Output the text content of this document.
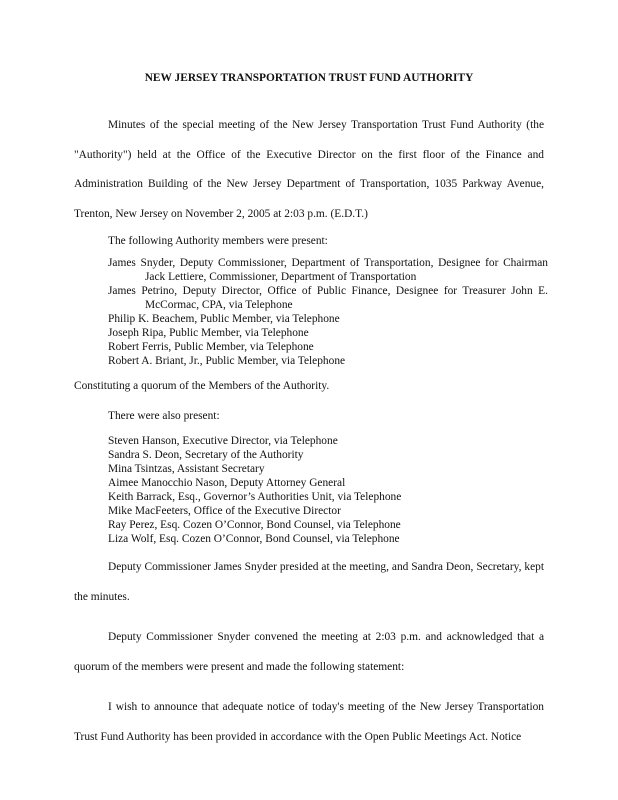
NEW JERSEY TRANSPORTATION TRUST FUND AUTHORITY
Minutes of the special meeting of the New Jersey Transportation Trust Fund Authority (the "Authority") held at the Office of the Executive Director on the first floor of the Finance and Administration Building of the New Jersey Department of Transportation, 1035 Parkway Avenue, Trenton, New Jersey on November 2, 2005 at 2:03 p.m. (E.D.T.)
The following Authority members were present:
James Snyder, Deputy Commissioner, Department of Transportation, Designee for Chairman Jack Lettiere, Commissioner, Department of Transportation
James Petrino, Deputy Director, Office of Public Finance, Designee for Treasurer John E. McCormac, CPA, via Telephone
Philip K. Beachem, Public Member, via Telephone
Joseph Ripa, Public Member, via Telephone
Robert Ferris, Public Member, via Telephone
Robert A. Briant, Jr., Public Member, via Telephone
Constituting a quorum of the Members of the Authority.
There were also present:
Steven Hanson, Executive Director, via Telephone
Sandra S. Deon, Secretary of the Authority
Mina Tsintzas, Assistant Secretary
Aimee Manocchio Nason, Deputy Attorney General
Keith Barrack, Esq., Governor’s Authorities Unit, via Telephone
Mike MacFeeters, Office of the Executive Director
Ray Perez, Esq. Cozen O’Connor, Bond Counsel, via Telephone
Liza Wolf, Esq. Cozen O’Connor, Bond Counsel, via Telephone
Deputy Commissioner James Snyder presided at the meeting, and Sandra Deon, Secretary, kept the minutes.
Deputy Commissioner Snyder convened the meeting at 2:03 p.m. and acknowledged that a quorum of the members were present and made the following statement:
I wish to announce that adequate notice of today's meeting of the New Jersey Transportation Trust Fund Authority has been provided in accordance with the Open Public Meetings Act. Notice
